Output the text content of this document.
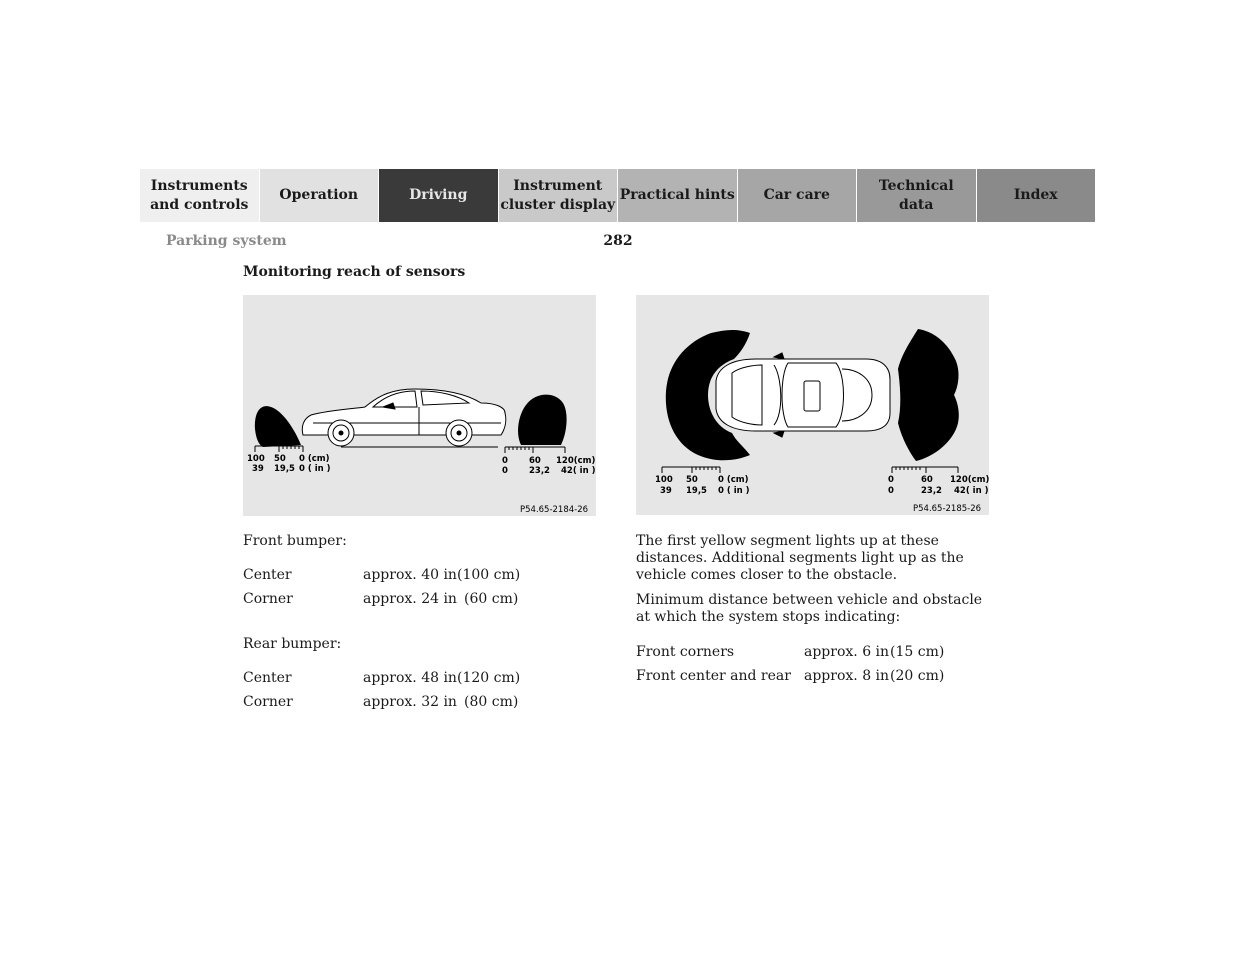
Instruments
and controls
Operation	Driving
Instrument
cluster display
Practical hints Car care
Technical
data
Index
Parking system	282
Monitoring reach of sensors
100 50 0 (cm)
39 19,5 0 ( in )
0 60 120(cm)
0 23,2 42( in )
P54.65-2184-26
100 50 0 (cm)
39 19,5 0 ( in )
0	60 120(cm)
0	23,2 42( in )
P54.65-2185-26
Front bumper:
Center	approx. 40 in (100 cm)
Corner	approx. 24 in (60 cm)
Rear bumper:
Center	approx. 48 in (120 cm)
Corner	approx. 32 in (80 cm)
The first yellow segment lights up at these distances. Additional segments light up as the vehicle comes closer to the obstacle.
Minimum distance between vehicle and obstacle at which the system stops indicating:
Front corners	approx. 6 in (15 cm)
Front center and rear approx. 8 in (20 cm)
